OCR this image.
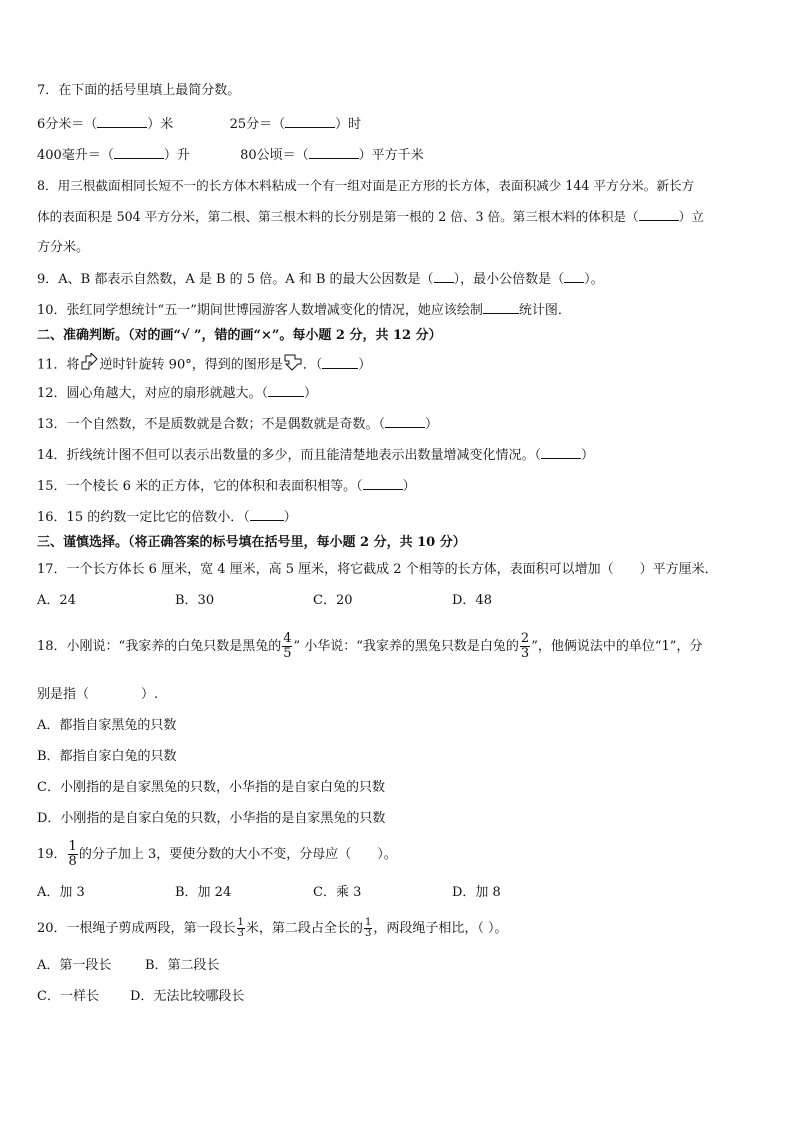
7．在下面的括号里填上最简分数。
6分米＝（	）米	25分＝（	）时
400毫升＝（	）升	80公顷＝（	）平方千米
8．用三根截面相同长短不一的长方体木料粘成一个有一组对面是正方形的长方体，表面积减少 144 平方分米。新长方
体的表面积是 504 平方分米，第二根、第三根木料的长分别是第一根的 2 倍、3 倍。第三根木料的体积是（	）立
方分米。
9．A、B 都表示自然数，A 是 B 的 5 倍。A 和 B 的最大公因数是（ ），最小公倍数是（ ）。
10．张红同学想统计“五一”期间世博园游客人数增减变化的情况，她应该绘制	统计图．
二、准确判断。（对的画“√ ”，错的画“×”。每小题 2 分，共 12 分）
11．将 逆时针旋转 90°，得到的图形是 ．（	）
12．圆心角越大，对应的扇形就越大。（	）
13．一个自然数，不是质数就是合数；不是偶数就是奇数。（	）
14．折线统计图不但可以表示出数量的多少，而且能清楚地表示出数量增减变化情况。（	）
15．一个棱长 6 米的正方体，它的体积和表面积相等。（	）
16．15 的约数一定比它的倍数小．（	）
三、谨慎选择。（将正确答案的标号填在括号里，每小题 2 分，共 10 分）
17．一个长方体长 6 厘米，宽 4 厘米，高 5 厘米，将它截成 2 个相等的长方体，表面积可以增加（　　）平方厘米．
A．24	B．30	C．20	D．48
18．小刚说：“我家养的白兔只数是黑兔的 $\frac{4}{5}$ ” 小华说：“我家养的黑兔只数是白兔的 $\frac{2}{3}$ ”，他俩说法中的单位“1”，分
别是指（　　　　）.
A．都指自家黑兔的只数
B．都指自家白兔的只数
C．小刚指的是自家黑兔的只数，小华指的是自家白兔的只数
D．小刚指的是自家白兔的只数，小华指的是自家黑兔的只数
19． $\frac{1}{8}$ 的分子加上 3，要使分数的大小不变，分母应（　　）。
A．加 3	B．加 24	C．乘 3	D．加 8
20．一根绳子剪成两段，第一段长 $\frac{1}{3}$ 米，第二段占全长的 $\frac{1}{3}$ ，两段绳子相比，（ ）。
A．第一段长	B．第二段长
C．一样长 D．无法比较哪段长
